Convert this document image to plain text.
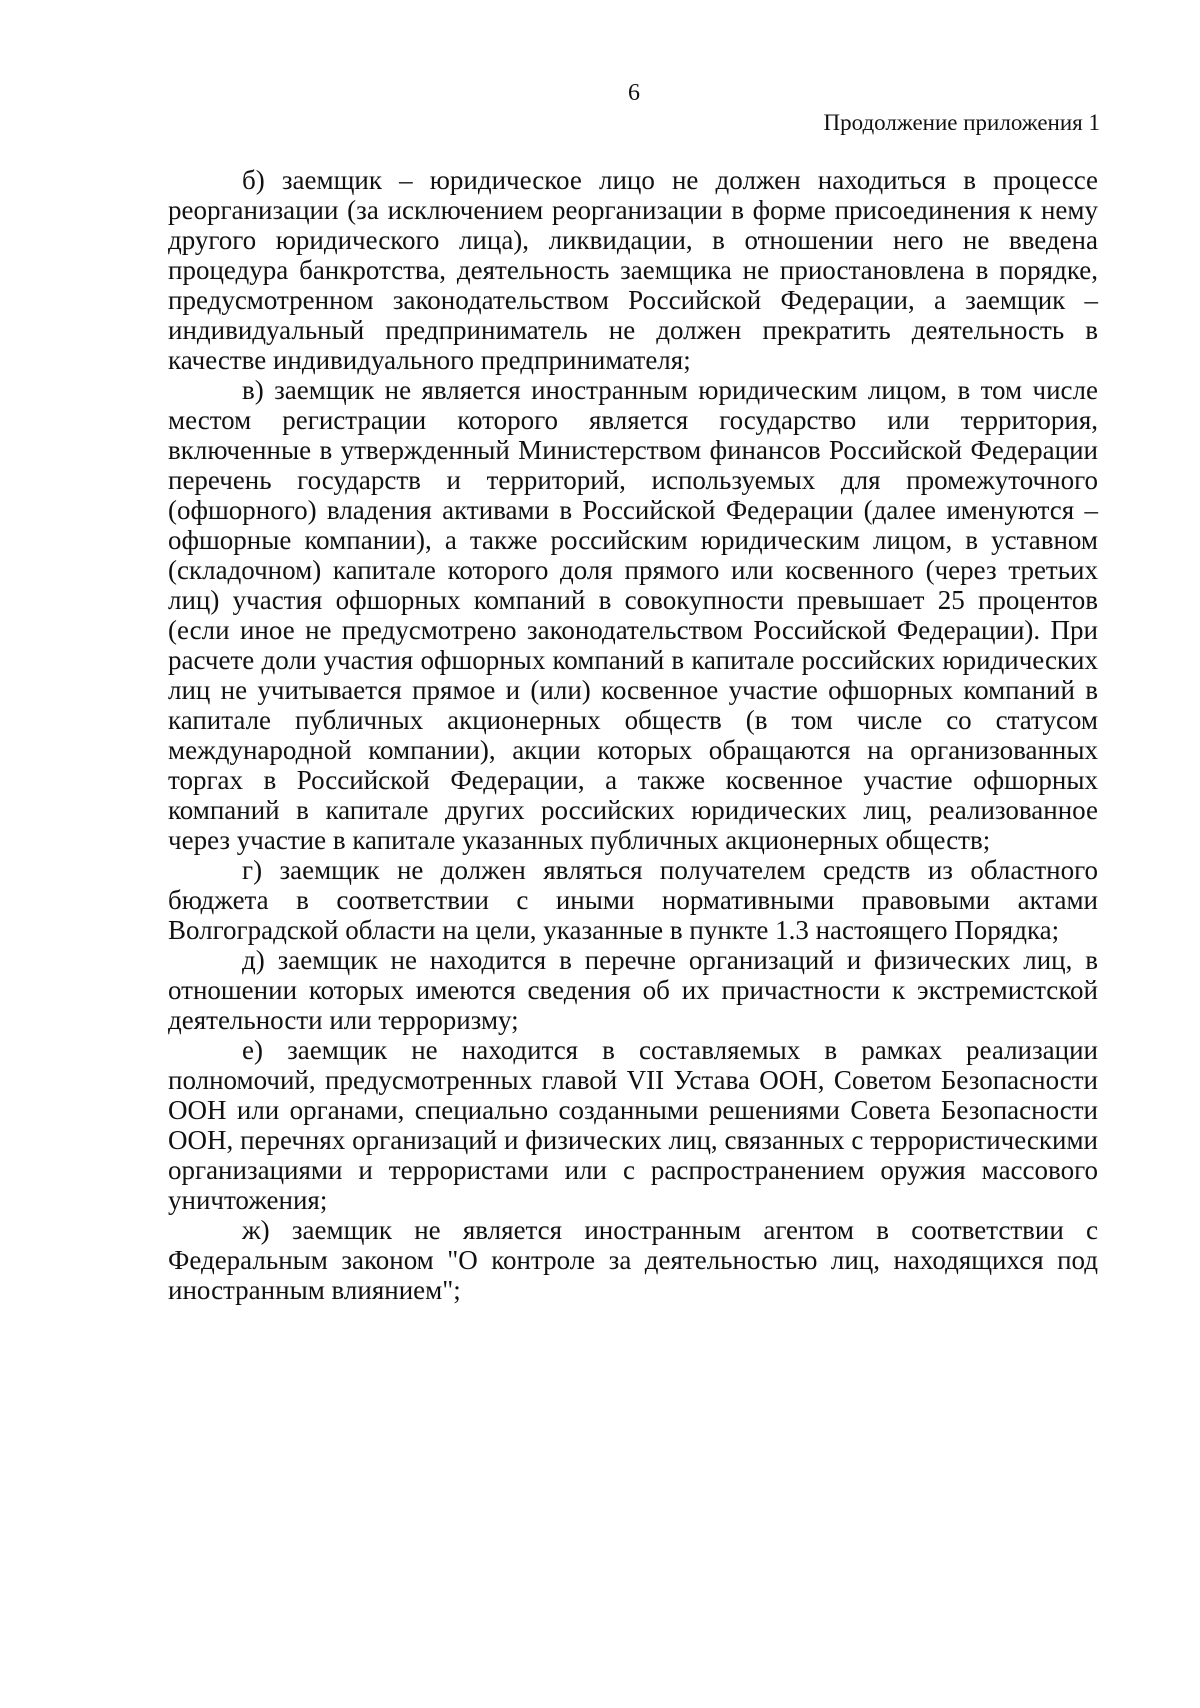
6
Продолжение приложения 1

б) заемщик – юридическое лицо не должен находиться в процессе реорганизации (за исключением реорганизации в форме присоединения к нему другого юридического лица), ликвидации, в отношении него не введена процедура банкротства, деятельность заемщика не приостановлена в порядке, предусмотренном законодательством Российской Федерации, а заемщик – индивидуальный предприниматель не должен прекратить деятельность в качестве индивидуального предпринимателя;

в) заемщик не является иностранным юридическим лицом, в том числе местом регистрации которого является государство или территория, включенные в утвержденный Министерством финансов Российской Федерации перечень государств и территорий, используемых для промежуточного (офшорного) владения активами в Российской Федерации (далее именуются – офшорные компании), а также российским юридическим лицом, в уставном (складочном) капитале которого доля прямого или косвенного (через третьих лиц) участия офшорных компаний в совокупности превышает 25 процентов (если иное не предусмотрено законодательством Российской Федерации). При расчете доли участия офшорных компаний в капитале российских юридических лиц не учитывается прямое и (или) косвенное участие офшорных компаний в капитале публичных акционерных обществ (в том числе со статусом международной компании), акции которых обращаются на организованных торгах в Российской Федерации, а также косвенное участие офшорных компаний в капитале других российских юридических лиц, реализованное через участие в капитале указанных публичных акционерных обществ;

г) заемщик не должен являться получателем средств из областного бюджета в соответствии с иными нормативными правовыми актами Волгоградской области на цели, указанные в пункте 1.3 настоящего Порядка;

д) заемщик не находится в перечне организаций и физических лиц, в отношении которых имеются сведения об их причастности к экстремистской деятельности или терроризму;

е) заемщик не находится в составляемых в рамках реализации полномочий, предусмотренных главой VII Устава ООН, Советом Безопасности ООН или органами, специально созданными решениями Совета Безопасности ООН, перечнях организаций и физических лиц, связанных с террористическими организациями и террористами или с распространением оружия массового уничтожения;

ж) заемщик не является иностранным агентом в соответствии с Федеральным законом "О контроле за деятельностью лиц, находящихся под иностранным влиянием";
